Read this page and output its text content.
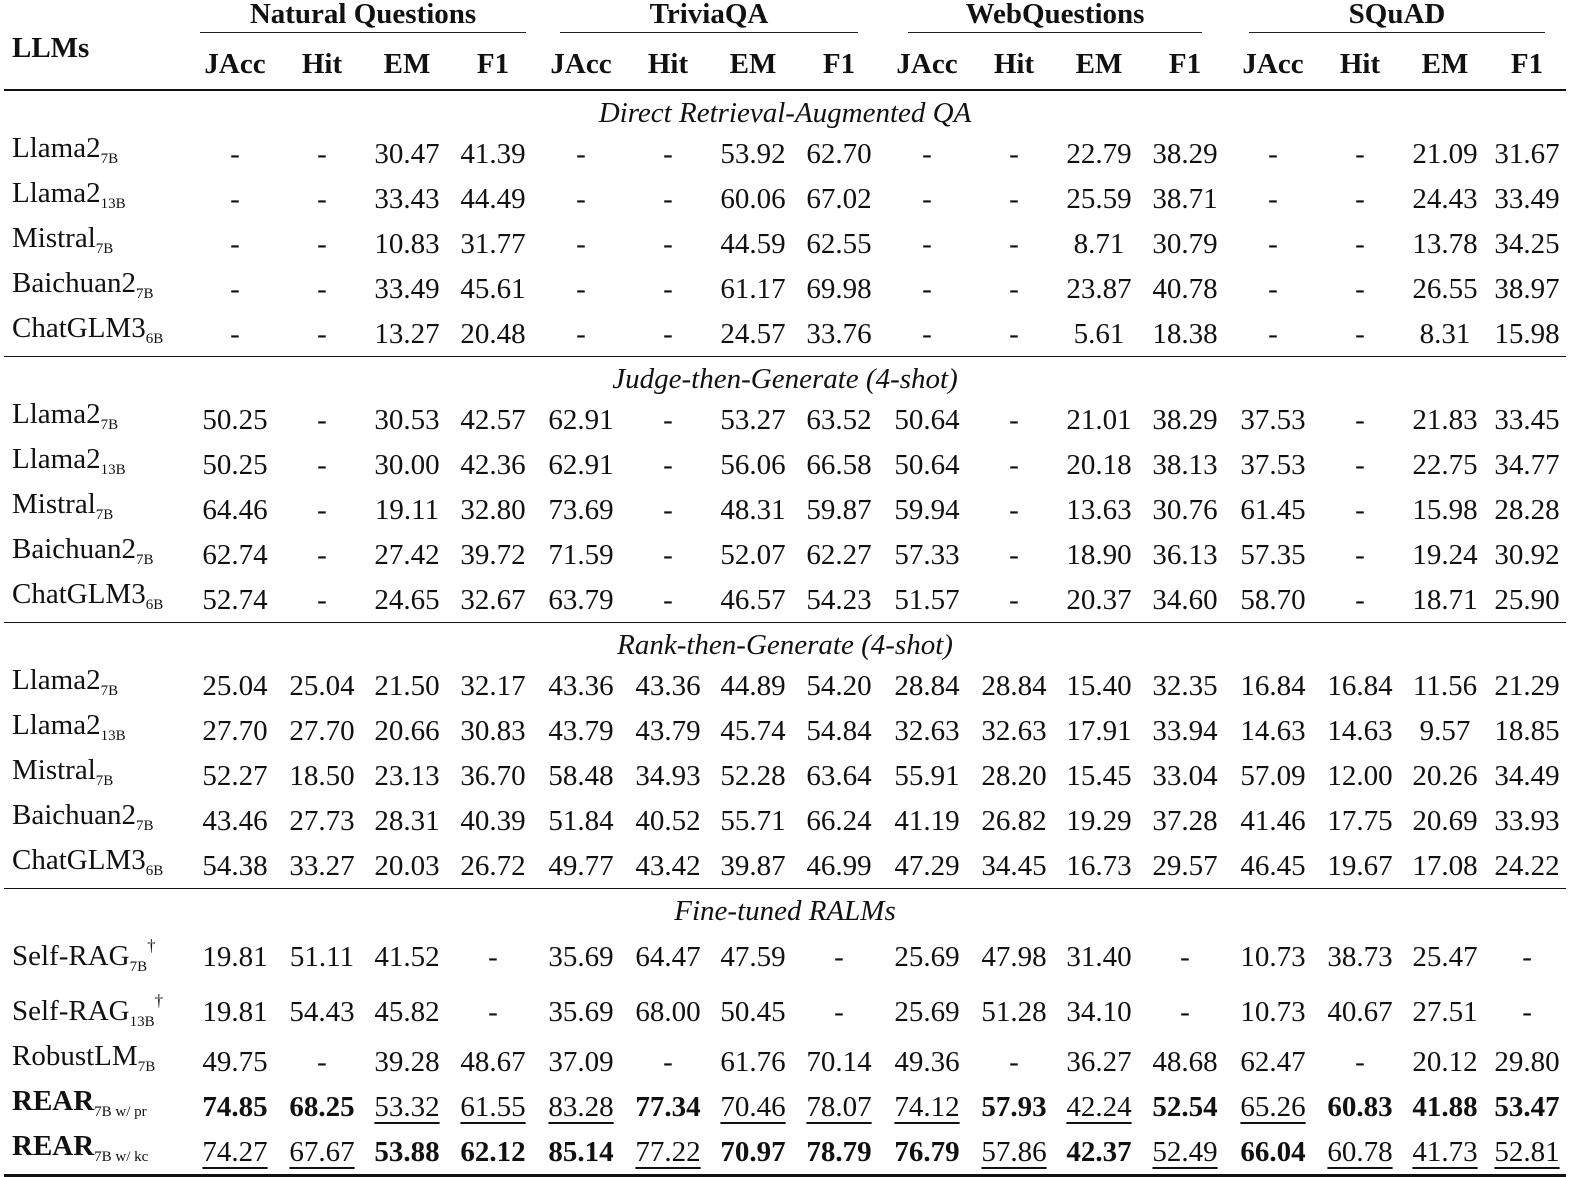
LLMs	Natural Questions				TriviaQA				WebQuestions				SQuAD			
	JAcc	Hit	EM	F1	JAcc	Hit	EM	F1	JAcc	Hit	EM	F1	JAcc	Hit	EM	F1
Direct Retrieval-Augmented QA																
$Llama2_{7B}$	-	-	30.47	41.39	-	-	53.92	62.70	-	-	22.79	38.29	-	-	21.09	31.67
$Llama2_{13B}$	-	-	33.43	44.49	-	-	60.06	67.02	-	-	25.59	38.71	-	-	24.43	33.49
Mistral$_{7B}$	-	-	10.83	31.77	-	-	44.59	62.55	-	-	8.71	30.79	-	-	13.78	34.25
$Baichuan2_{7B}$	-	-	33.49	45.61	-	-	61.17	69.98	-	-	23.87	40.78	-	-	26.55	38.97
$ChatGLM3_{6B}$	-	-	13.27	20.48	-	-	24.57	33.76	-	-	5.61	18.38	-	-	8.31	15.98
Judge-then-Generate (4-shot)																
$Llama2_{7B}$	50.25	-	30.53	42.57	62.91	-	53.27	63.52	50.64	-	21.01	38.29	37.53	-	21.83	33.45
$Llama2_{13B}$	50.25	-	30.00	42.36	62.91	-	56.06	66.58	50.64	-	20.18	38.13	37.53	-	22.75	34.77
Mistral$_{7B}$	64.46	-	19.11	32.80	73.69	-	48.31	59.87	59.94	-	13.63	30.76	61.45	-	15.98	28.28
$Baichuan2_{7B}$	62.74	-	27.42	39.72	71.59	-	52.07	62.27	57.33	-	18.90	36.13	57.35	-	19.24	30.92
$ChatGLM3_{6B}$	52.74	-	24.65	32.67	63.79	-	46.57	54.23	51.57	-	20.37	34.60	58.70	-	18.71	25.90
Rank-then-Generate (4-shot)																
$Llama2_{7B}$	25.04	25.04	21.50	32.17	43.36	43.36	44.89	54.20	28.84	28.84	15.40	32.35	16.84	16.84	11.56	21.29
$Llama2_{13B}$	27.70	27.70	20.66	30.83	43.79	43.79	45.74	54.84	32.63	32.63	17.91	33.94	14.63	14.63	9.57	18.85
Mistral$_{7B}$	52.27	18.50	23.13	36.70	58.48	34.93	52.28	63.64	55.91	28.20	15.45	33.04	57.09	12.00	20.26	34.49
$Baichuan2_{7B}$	43.46	27.73	28.31	40.39	51.84	40.52	55.71	66.24	41.19	26.82	19.29	37.28	41.46	17.75	20.69	33.93
$ChatGLM3_{6B}$	54.38	33.27	20.03	26.72	49.77	43.42	39.87	46.99	47.29	34.45	16.73	29.57	46.45	19.67	17.08	24.22
Fine-tuned RALMs																
Self-$RAG_{7B}^\dagger$	19.81	51.11	41.52	-	35.69	64.47	47.59	-	25.69	47.98	31.40	-	10.73	38.73	25.47	-
Self-$RAG_{13B}^\dagger$	19.81	54.43	45.82	-	35.69	68.00	50.45	-	25.69	51.28	34.10	-	10.73	40.67	27.51	-
RobustLM$_{7B}$	49.75	-	39.28	48.67	37.09	-	61.76	70.14	49.36	-	36.27	48.68	62.47	-	20.12	29.80
$REAR_{7B w/ pr}$	74.85	68.25	53.32	61.55	83.28	77.34	70.46	78.07	74.12	57.93	42.24	52.54	65.26	60.83	41.88	53.47
$REAR_{7B w/ kc}$	74.27	67.67	53.88	62.12	85.14	77.22	70.97	78.79	76.79	57.86	42.37	52.49	66.04	60.78	41.73	52.81
